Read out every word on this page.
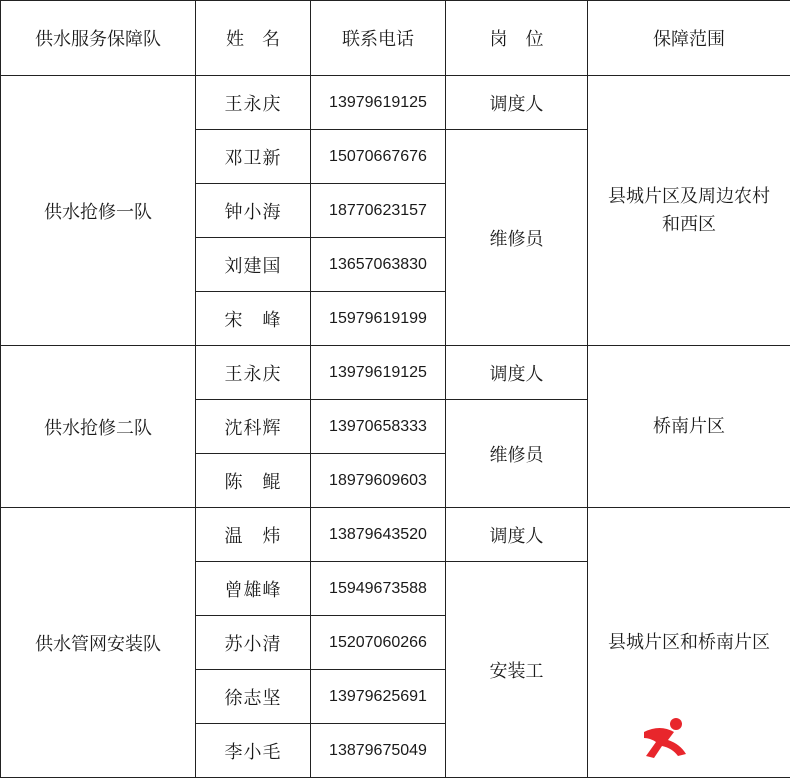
供水服务保障队	姓　名	联系电话	岗　位	保障范围
供水抢修一队	王永庆	13979619125	调度人	县城片区及周边农村和西区
	邓卫新	15070667676	维修员	
	钟小海	18770623157		
	刘建国	13657063830		
	宋　峰	15979619199		
供水抢修二队	王永庆	13979619125	调度人	桥南片区
	沈科辉	13970658333	维修员	
	陈　鲲	18979609603		
供水管网安装队	温　炜	13879643520	调度人	县城片区和桥南片区
	曾雄峰	15949673588	安装工	
	苏小清	15207060266		
	徐志坚	13979625691		
	李小毛	13879675049		
